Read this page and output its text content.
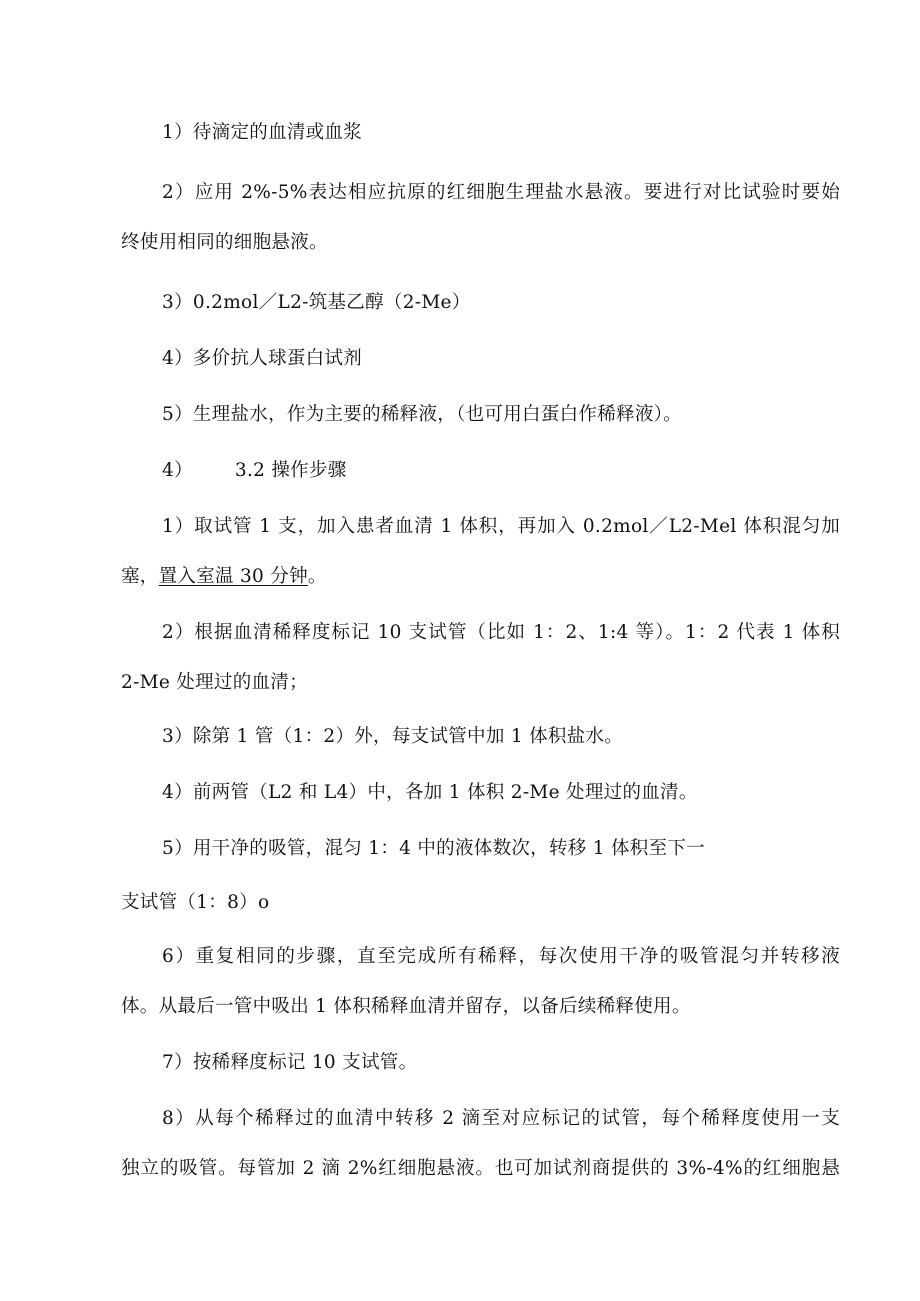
1）待滴定的血清或血浆
2）应用 2%-5%表达相应抗原的红细胞生理盐水悬液。要进行对比试验时要始
终使用相同的细胞悬液。
3）0.2mol／L2-筑基乙醇（2-Me）
4）多价抗人球蛋白试剂
5）生理盐水，作为主要的稀释液，（也可用白蛋白作稀释液）。
4） 3.2 操作步骤
1）取试管 1 支，加入患者血清 1 体积，再加入 0.2mol／L2-Mel 体积混匀加
塞，置入室温 30 分钟。
2）根据血清稀释度标记 10 支试管（比如 1：2、1:4 等）。1：2 代表 1 体积
2-Me 处理过的血清；
3）除第 1 管（1：2）外，每支试管中加 1 体积盐水。
4）前两管（L2 和 L4）中，各加 1 体积 2-Me 处理过的血清。
5）用干净的吸管，混匀 1：4 中的液体数次，转移 1 体积至下一
支试管（1：8）o
6）重复相同的步骤，直至完成所有稀释，每次使用干净的吸管混匀并转移液
体。从最后一管中吸出 1 体积稀释血清并留存，以备后续稀释使用。
7）按稀释度标记 10 支试管。
8）从每个稀释过的血清中转移 2 滴至对应标记的试管，每个稀释度使用一支
独立的吸管。每管加 2 滴 2%红细胞悬液。也可加试剂商提供的 3%-4%的红细胞悬
